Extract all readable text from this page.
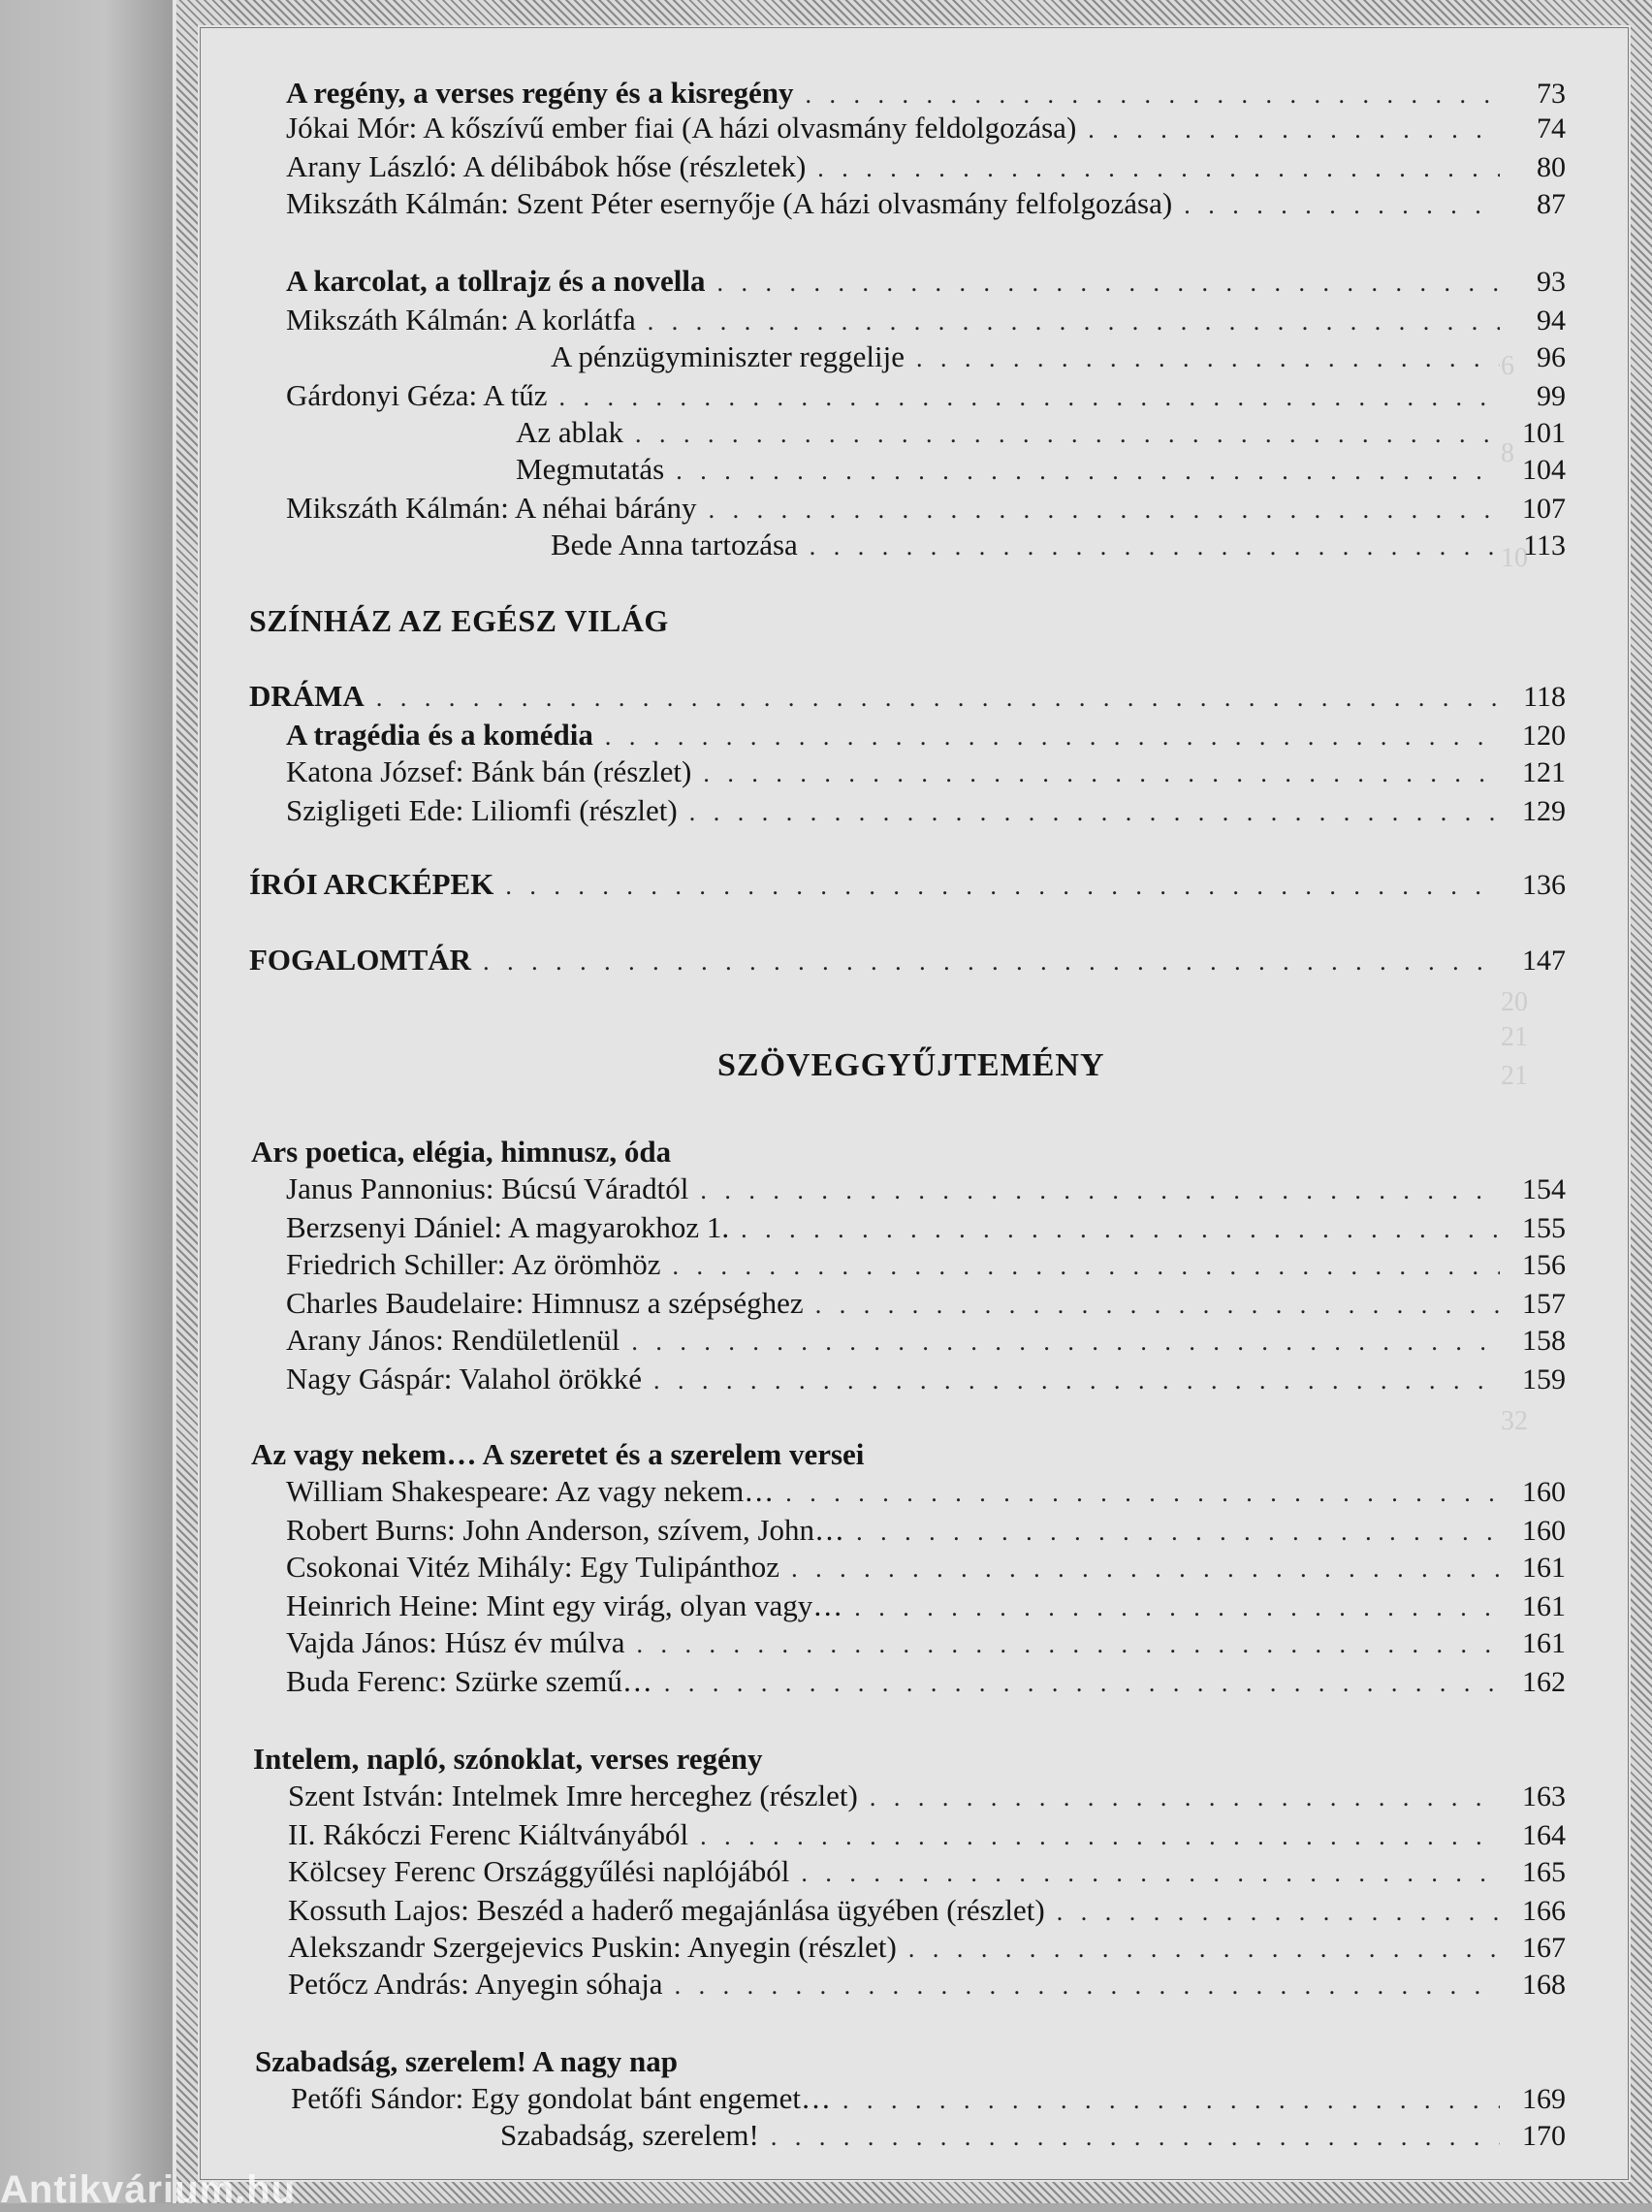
6
8
10
20
21
21
32
A regény, a verses regény és a kisregény . . .	73
Jókai Mór: A kőszívű ember fiai (A házi olvasmány feldolgozása) . . .	74
Arany László: A délibábok hőse (részletek) . . .	80
Mikszáth Kálmán: Szent Péter esernyője (A házi olvasmány felfolgozása) . . .	87
A karcolat, a tollrajz és a novella . . .	93
Mikszáth Kálmán: A korlátfa . . .	94
A pénzügyminiszter reggelije . . .	96
Gárdonyi Géza: A tűz . . .	99
Az ablak . . .	101
Megmutatás . . .	104
Mikszáth Kálmán: A néhai bárány . . .	107
Bede Anna tartozása . . .	113
SZÍNHÁZ AZ EGÉSZ VILÁG
DRÁMA . . .	118
A tragédia és a komédia . . .	120
Katona József: Bánk bán (részlet) . . .	121
Szigligeti Ede: Liliomfi (részlet) . . .	129
ÍRÓI ARCKÉPEK . . .	136
FOGALOMTÁR . . .	147
SZÖVEGGYŰJTEMÉNY
Ars poetica, elégia, himnusz, óda
Janus Pannonius: Búcsú Váradtól . . .	154
Berzsenyi Dániel: A magyarokhoz 1. . . .	155
Friedrich Schiller: Az örömhöz . . .	156
Charles Baudelaire: Himnusz a szépséghez . . .	157
Arany János: Rendületlenül . . .	158
Nagy Gáspár: Valahol örökké . . .	159
Az vagy nekem… A szeretet és a szerelem versei
William Shakespeare: Az vagy nekem… . . .	160
Robert Burns: John Anderson, szívem, John… . . .	160
Csokonai Vitéz Mihály: Egy Tulipánthoz . . .	161
Heinrich Heine: Mint egy virág, olyan vagy… . . .	161
Vajda János: Húsz év múlva . . .	161
Buda Ferenc: Szürke szemű… . . .	162
Intelem, napló, szónoklat, verses regény
Szent István: Intelmek Imre herceghez (részlet) . . .	163
II. Rákóczi Ferenc Kiáltványából . . .	164
Kölcsey Ferenc Országgyűlési naplójából . . .	165
Kossuth Lajos: Beszéd a haderő megajánlása ügyében (részlet) . . .	166
Alekszandr Szergejevics Puskin: Anyegin (részlet) . . .	167
Petőcz András: Anyegin sóhaja . . .	168
Szabadság, szerelem! A nagy nap
Petőfi Sándor: Egy gondolat bánt engemet… . . .	169
Szabadság, szerelem! . . .	170
Antikvárium.hu
